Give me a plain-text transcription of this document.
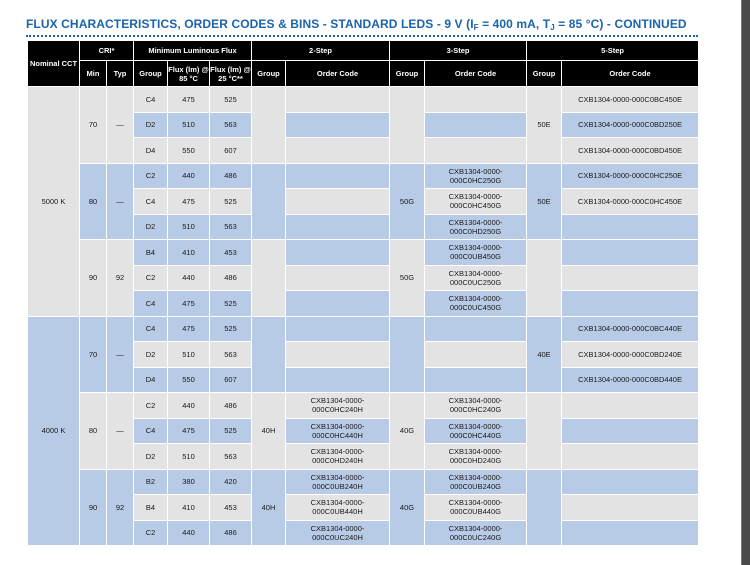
FLUX CHARACTERISTICS, ORDER CODES & BINS - STANDARD LEDS - 9 V ($I_F = 400$ mA, $T_J = 85$ °C) - CONTINUED
Nominal CCT	CRI*		Minimum Luminous Flux			2-Step		3-Step		5-Step	
	Min	Typ	Group	Flux (lm) @ 85 °C	Flux (lm) @ 25 °C**	Group	Order Code	Group	Order Code	Group	Order Code
5000 K	70	—	C4	475	525					50E	CXB1304-0000-000C0BC450E
			D2	510	563						CXB1304-0000-000C0BD250E
			D4	550	607						CXB1304-0000-000C0BD450E
	80	—	C2	440	486			50G	CXB1304-0000-000C0HC250G	50E	CXB1304-0000-000C0HC250E
			C4	475	525				CXB1304-0000-000C0HC450G		CXB1304-0000-000C0HC450E
			D2	510	563				CXB1304-0000-000C0HD250G		
	90	92	B4	410	453			50G	CXB1304-0000-000C0UB450G		
			C2	440	486				CXB1304-0000-000C0UC250G		
			C4	475	525				CXB1304-0000-000C0UC450G		
4000 K	70	—	C4	475	525					40E	CXB1304-0000-000C0BC440E
			D2	510	563						CXB1304-0000-000C0BD240E
			D4	550	607						CXB1304-0000-000C0BD440E
	80	—	C2	440	486	40H	CXB1304-0000-000C0HC240H	40G	CXB1304-0000-000C0HC240G		
			C4	475	525		CXB1304-0000-000C0HC440H		CXB1304-0000-000C0HC440G		
			D2	510	563		CXB1304-0000-000C0HD240H		CXB1304-0000-000C0HD240G		
	90	92	B2	380	420	40H	CXB1304-0000-000C0UB240H	40G	CXB1304-0000-000C0UB240G		
			B4	410	453		CXB1304-0000-000C0UB440H		CXB1304-0000-000C0UB440G		
			C2	440	486		CXB1304-0000-000C0UC240H		CXB1304-0000-000C0UC240G		
